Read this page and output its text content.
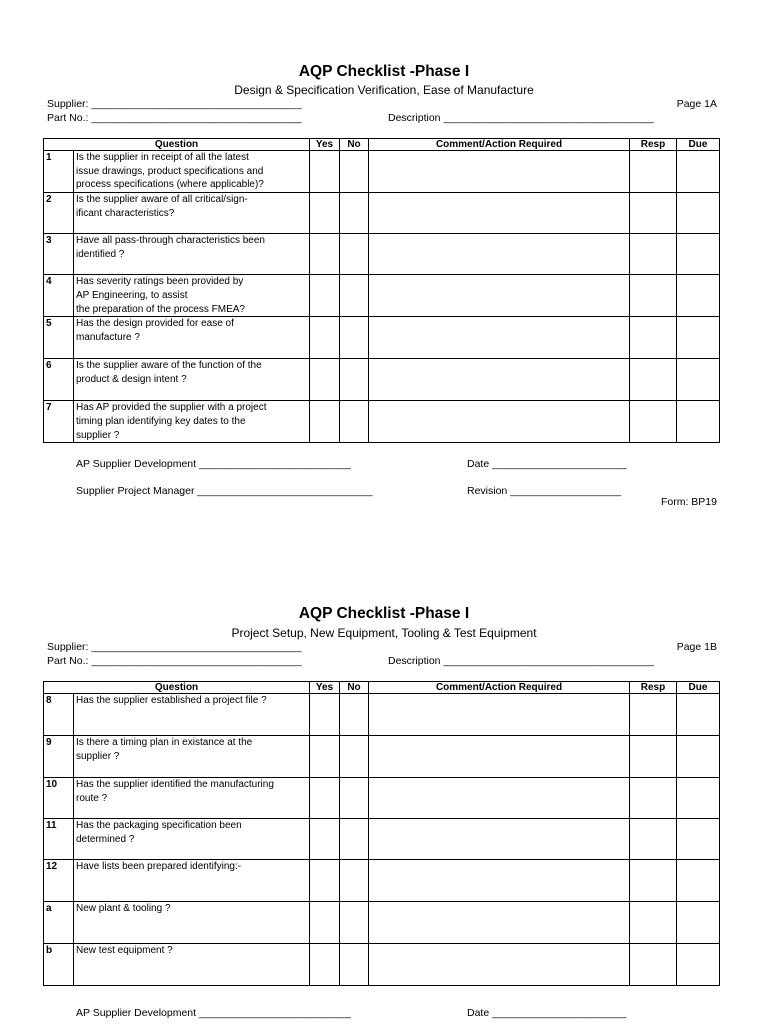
AQP Checklist -Phase I
Design & Specification Verification, Ease of Manufacture
Supplier: ____________________________________	Page 1A
Part No.: ____________________________________	Description ____________________________________
Question		Yes	No	Comment/Action Required	Resp	Due
1	Is the supplier in receipt of all the latest
issue drawings, product specifications and
process specifications (where applicable)?					

2	Is the supplier aware of all critical/sign-
ificant characteristics?					

3	Have all pass-through characteristics been
identified ?					

4	Has severity ratings been provided by
AP Engineering, to assist
the preparation of the process FMEA?					

5	Has the design provided for ease of
manufacture ?					

6	Is the supplier aware of the function of the
product & design intent ?					

7	Has AP provided the supplier with a project
timing plan identifying key dates to the
supplier ?					

AP Supplier Development __________________________	Date _______________________
Supplier Project Manager ______________________________	Revision ___________________
Form: BP19
AQP Checklist -Phase I
Project Setup, New Equipment, Tooling & Test Equipment
Supplier: ____________________________________	Page 1B
Part No.: ____________________________________	Description ____________________________________
Question		Yes	No	Comment/Action Required	Resp	Due
8	Has the supplier established a project file ?					

9	Is there a timing plan in existance at the
supplier ?					

10	Has the supplier identified the manufacturing
route ?					

11	Has the packaging specification been
determined ?					

12	Have lists been prepared identifying:-					

a	New plant & tooling ?					

b	New test equipment ?					

AP Supplier Development __________________________	Date _______________________
